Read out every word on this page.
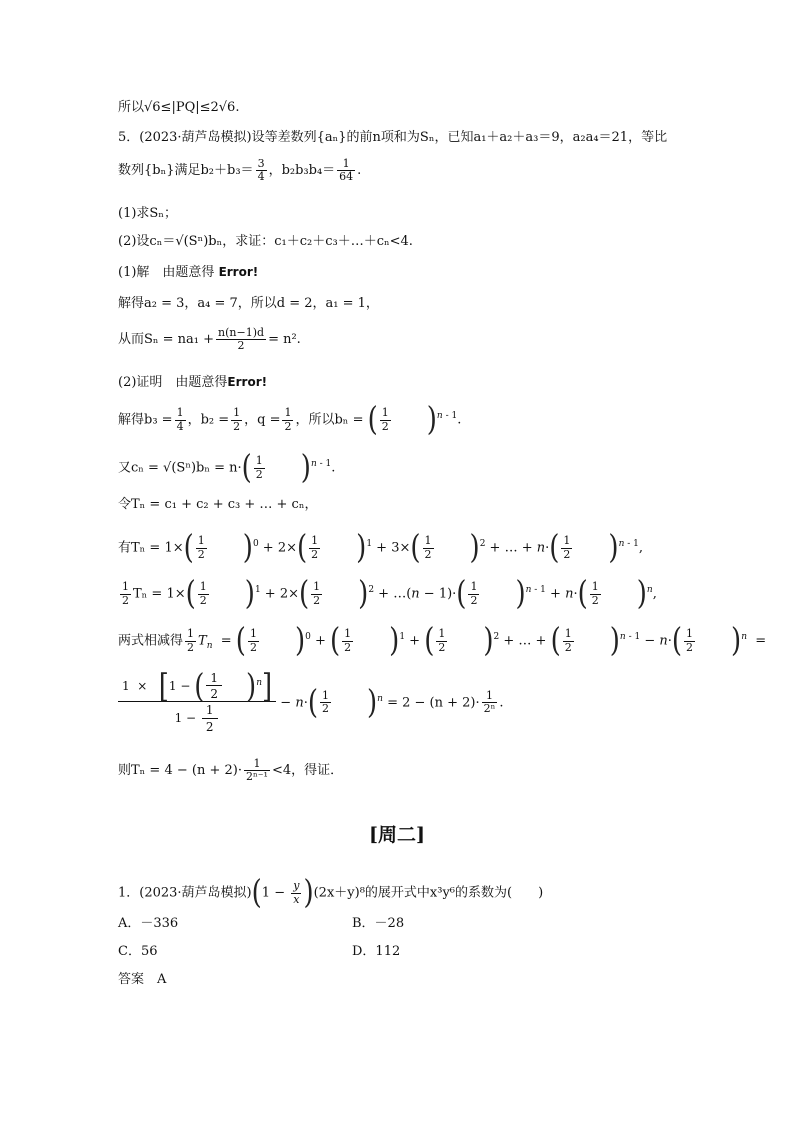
所以√6≤|PQ|≤2√6.
5．(2023·葫芦岛模拟)设等差数列{aₙ}的前n项和为Sₙ，已知a₁＋a₂＋a₃＝9，a₂a₄＝21，等比
数列{bₙ}满足$b_2+b_3= \frac{3}{4}$ ，$b_2b_3b_4= \frac{1}{64}$ .
(1)求Sₙ；
(2)设cₙ＝√(Sⁿ)bₙ，求证：c₁＋c₂＋c₃＋…＋cₙ<4.
(1)解　由题意得 Error!
解得a₂ = 3，a₄ = 7，所以d = 2，a₁ = 1，
从而$S_n = na_1 + \frac{n(n-1)d}{2} = n^2$.
(2)证明　由题意得Error!
解得$b_3 = \frac{1}{4}$ ，$b_2 = \frac{1}{2}$ ，$q = \frac{1}{2}$ ，所以bₙ = ( $\frac{1}{2} )^n$ $^{- 1}$.
又$c_n = √(S^n)b_n = n\cdot( \frac{1}{2} )^n$ $^{- 1}$.
令Tₙ = c₁ + c₂ + c₃ + … + cₙ，
有$T_n = 1\times( \frac{1}{2} )^0 + 2\times( \frac{1}{2} )^1 + 3\times( \frac{1}{2} )^2$ + … + $n\cdot( \frac{1}{2} )^n$ $^{- 1}$,
$\frac{1}{2}$ $T_n = 1\times( \frac{1}{2} )^1 + 2\times( \frac{1}{2} )^2$ + …(n − $1)\cdot( \frac{1}{2} )^n$ $^{- 1} + n\cdot( \frac{1}{2} )^n$,
两式相减得 $\frac{1}{2} T_n$  = ( $\frac{1}{2} )^0$ + ( $\frac{1}{2} )^1$ + ( $\frac{1}{2} )^2$ + … + ( $\frac{1}{2} )^n$ $^{- 1} - n\cdot( \frac{1}{2} )^n$  =
$\frac{1 \times [1 - ( \frac{1}{2} )^n]}{1 - \frac{1}{2}} - n\cdot( \frac{1}{2} )^n = 2 - (n + 2)\cdot \frac{1}{\text{2ⁿ}}$ .
则$T_n = 4 - (n + 2)\cdot \frac{1}{\text{2ⁿ⁻¹}} <4$，得证．
[周二]
1．(2023·葫芦岛模拟)$(1 - \frac{y}{x} )(2x+y)^8$的展开式中x³y⁶的系数为(　　)
A．－336	B．－28
C．56	D．112
答案　A
